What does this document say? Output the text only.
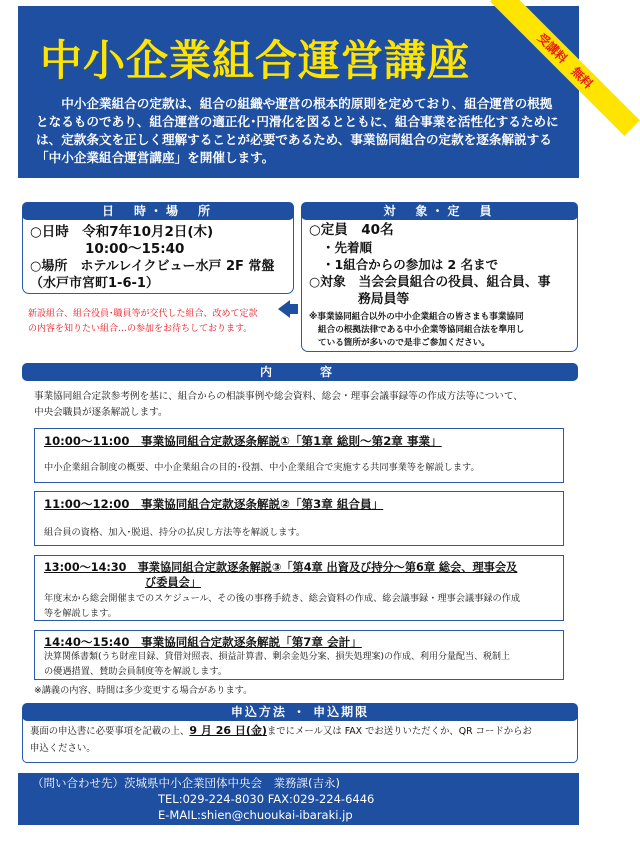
中小企業組合運営講座	受講料　無料
中小企業組合の定款は、組合の組織や運営の根本的原則を定めており、組合運営の根拠となるものであり、組合運営の適正化･円滑化を図るとともに、組合事業を活性化するためには、定款条文を正しく理解することが必要であるため、事業協同組合の定款を逐条解説する「中小企業組合運営講座」を開催します。
日　時・場　所
○日時　令和7年10月2日(木)
10:00～15:40
○場所　ホテルレイクビュー水戸 2F 常盤
（水戸市宮町1-6-1）
新設組合、組合役員･職員等が交代した組合、改めて定款
の内容を知りたい組合…の参加をお待ちしております。
対　象・定　員
○定員　40名
・先着順
・1組合からの参加は 2 名まで
○対象　当会会員組合の役員、組合員、事
務局員等
※事業協同組合以外の中小企業組合の皆さまも事業協同
組合の根拠法律である中小企業等協同組合法を準用し
ている箇所が多いので是非ご参加ください。
内　　容
事業協同組合定款参考例を基に、組合からの相談事例や総会資料、総会・理事会議事録等の作成方法等について、
中央会職員が逐条解説します。
10:00～11:00　事業協同組合定款逐条解説①「第1章 総則～第2章 事業」
中小企業組合制度の概要、中小企業組合の目的･役割、中小企業組合で実施する共同事業等を解説します。
11:00～12:00　事業協同組合定款逐条解説②「第3章 組合員」
組合員の資格、加入･脱退、持分の払戻し方法等を解説します。
13:00～14:30　事業協同組合定款逐条解説③「第4章 出資及び持分～第6章 総会、理事会及
び委員会」
年度末から総会開催までのスケジュール、その後の事務手続き、総会資料の作成、総会議事録・理事会議事録の作成
等を解説します。
14:40～15:40　事業協同組合定款逐条解説「第7章 会計」
決算関係書類(うち財産目録、貸借対照表、損益計算書、剰余金処分案、損失処理案)の作成、利用分量配当、税制上
の優遇措置、賛助会員制度等を解説します。
※講義の内容、時間は多少変更する場合があります。
申込方法 ・ 申込期限
裏面の申込書に必要事項を記載の上、9 月 26 日(金)までにメール又は FAX でお送りいただくか、QR コードからお
申込ください。
（問い合わせ先）茨城県中小企業団体中央会　業務課(吉永)
TEL:029-224-8030 FAX:029-224-6446
E-MAIL:shien@chuoukai-ibaraki.jp
